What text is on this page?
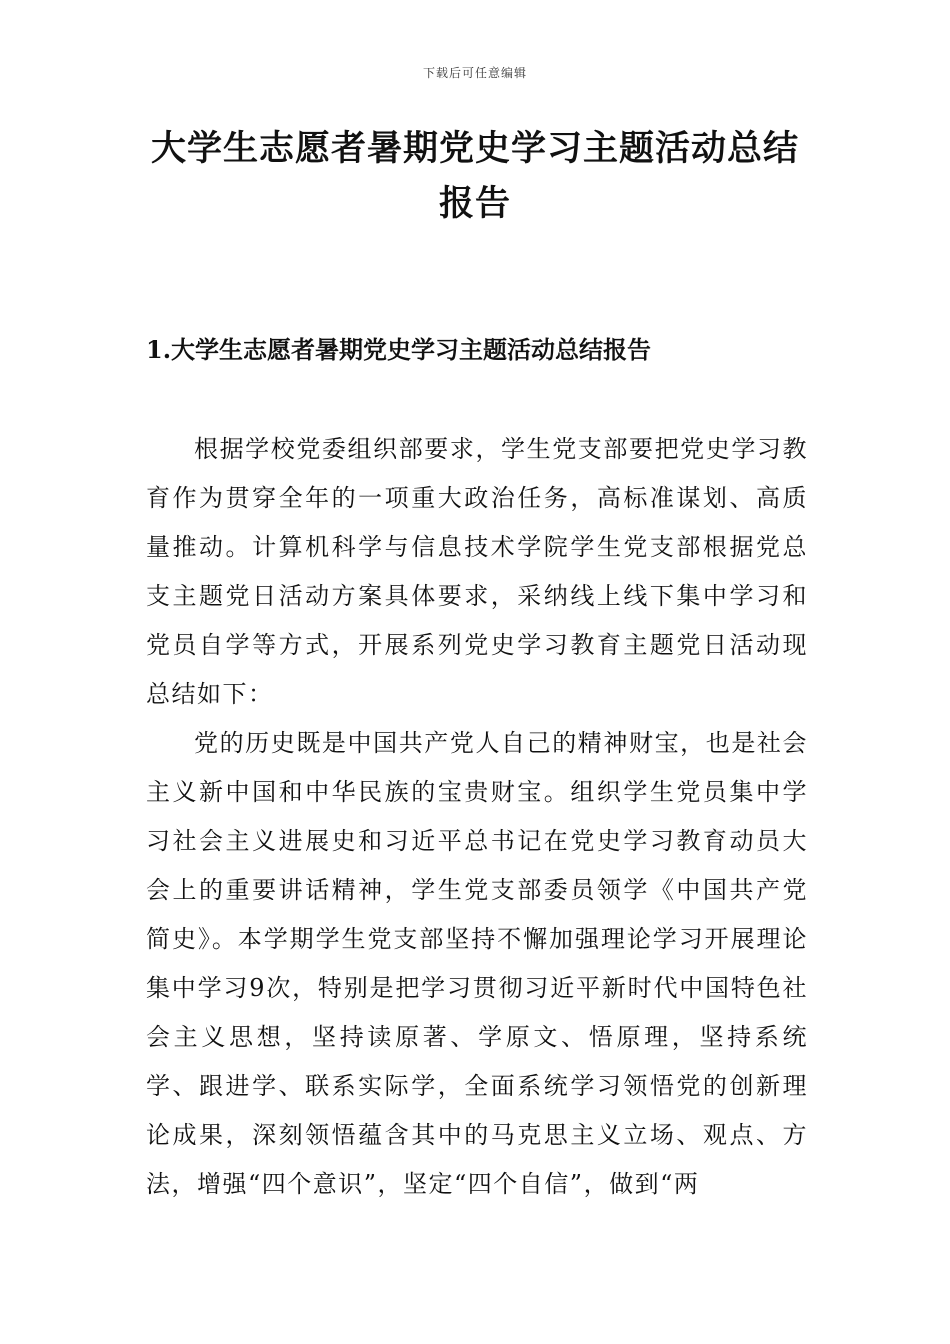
下载后可任意编辑
大学生志愿者暑期党史学习主题活动总结报告
1.大学生志愿者暑期党史学习主题活动总结报告

根据学校党委组织部要求，学生党支部要把党史学习教育作为贯穿全年的一项重大政治任务，高标准谋划、高质量推动。计算机科学与信息技术学院学生党支部根据党总支主题党日活动方案具体要求，采纳线上线下集中学习和党员自学等方式，开展系列党史学习教育主题党日活动现总结如下：

党的历史既是中国共产党人自己的精神财宝，也是社会主义新中国和中华民族的宝贵财宝。组织学生党员集中学习社会主义进展史和习近平总书记在党史学习教育动员大会上的重要讲话精神，学生党支部委员领学《中国共产党简史》。本学期学生党支部坚持不懈加强理论学习开展理论集中学习9次，特别是把学习贯彻习近平新时代中国特色社会主义思想，坚持读原著、学原文、悟原理，坚持系统学、跟进学、联系实际学，全面系统学习领悟党的创新理论成果，深刻领悟蕴含其中的马克思主义立场、观点、方法，增强“四个意识”，坚定“四个自信”，做到“两
